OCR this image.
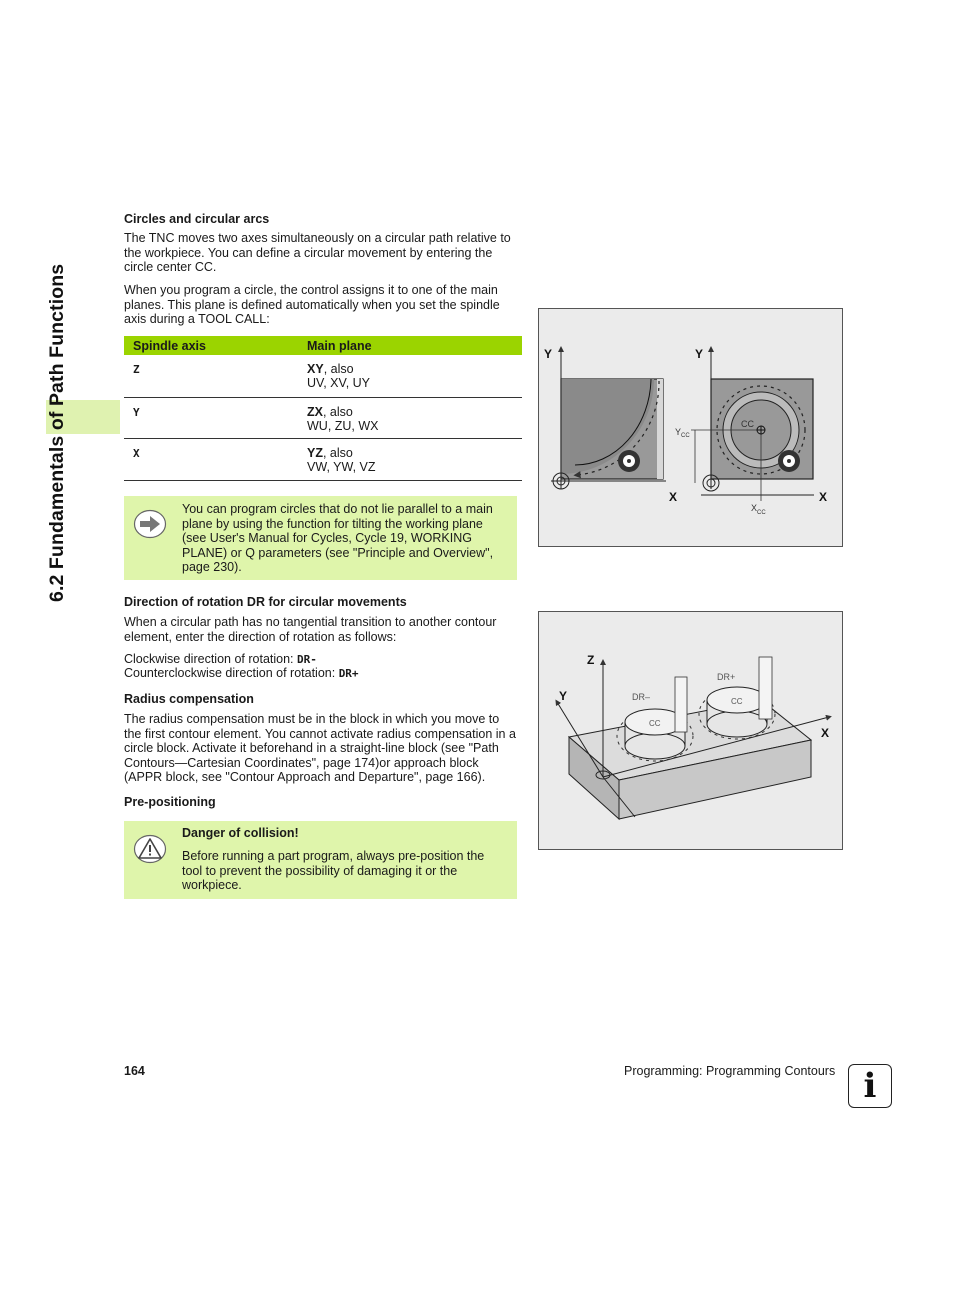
6.2 Fundamentals of Path Functions
Circles and circular arcs

The TNC moves two axes simultaneously on a circular path relative to the workpiece. You can define a circular movement by entering the circle center CC.

When you program a circle, the control assigns it to one of the main planes. This plane is defined automatically when you set the spindle axis during a TOOL CALL:

Spindle axis	Main plane
Z	XY, also
UV, XV, UY
Y	ZX, also
WU, ZU, WX
X	YZ, also
VW, YW, VZ

You can program circles that do not lie parallel to a main plane by using the function for tilting the working plane (see User's Manual for Cycles, Cycle 19, WORKING PLANE) or Q parameters (see "Principle and Overview", page 230).

Direction of rotation DR for circular movements

When a circular path has no tangential transition to another contour element, enter the direction of rotation as follows:

Clockwise direction of rotation: DR-

Counterclockwise direction of rotation: DR+

Radius compensation

The radius compensation must be in the block in which you move to the first contour element. You cannot activate radius compensation in a circle block. Activate it beforehand in a straight-line block (see "Path Contours—Cartesian Coordinates", page 174)or approach block (APPR block, see "Contour Approach and Departure", page 166).

Pre-positioning
Danger of collision!

Before running a part program, always pre-position the tool to prevent the possibility of damaging it or the workpiece.

Y
X
Y
X
CC
Y CC
X CC
Z
Y
X
DR–
DR+
CC
CC
164	Programming: Programming Contours i
